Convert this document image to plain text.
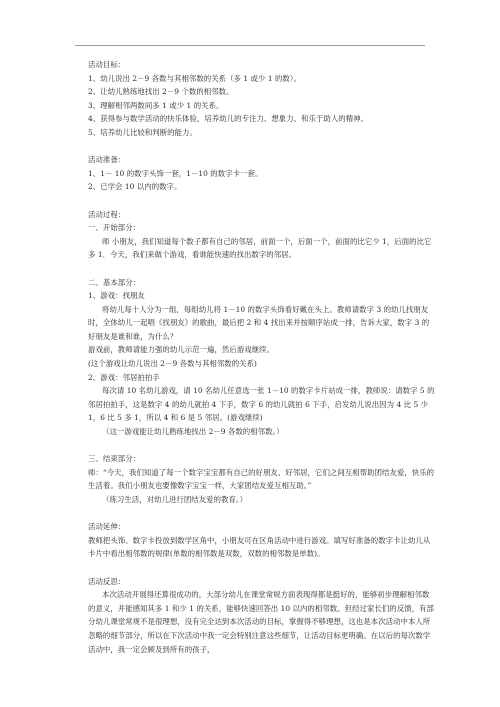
活动目标：

1、幼儿说出 2－9 各数与其相邻数的关系（多 1 或少 1 的数）。

2、让幼儿熟练地找出 2－9 个数的相邻数。

3、理解相邻两数间多 1 或少 1 的关系。

4、获得参与数学活动的快乐体验，培养幼儿的专注力、想象力、和乐于助人的精神。

5、培养幼儿比较和判断的能力。

活动准备：

1、1－ 10 的数字头饰一套，1－10 的数字卡一套。

2、已学会 10 以内的数字。

活动过程：

一、开始部分：

师 小朋友，我们知道每个数子都有自己的邻居，前面一个，后面一个，前面的比它少 1，后面的比它多 1．今天，我们来做个游戏，看谁能快速的找出数字的邻居。

二、基本部分：

1、游戏：找朋友

将幼儿每十人分为一组，每组幼儿将 1－10 的数字头饰看好戴在头上。教师请数字 3 的幼儿找朋友时，全体幼儿一起唱《找朋友》的歌曲，最后把 2 和 4 找出来并按顺序站成一排，告诉大家，数字 3 的好朋友是谁和谁，为什么？

游戏前，教师请能力强的幼儿示范一遍，然后游戏继续。

(这个游戏让幼儿说出 2－9 各数与其相邻数的关系)

2、游戏：邻居拍拍手

每次请 10 名幼儿游戏，请 10 名幼儿任意选一张 1－10 的数字卡片站成一排，教师说：请数字 5 的邻居拍拍手，这是数字 4 的幼儿就拍 4 下手，数字 6 的幼儿就拍 6 下手，启发幼儿说出因为 4 比 5 少 1，6 比 5 多 1，所以 4 和 6 是 5 邻居。(游戏继续)

（这一游戏能让幼儿熟练地找出 2－9 各数的相邻数。）

三、结束部分：

师：“今天，我们知道了每一个数字宝宝都有自己的好朋友、好邻居，它们之间互相帮助团结友爱，快乐的生活着。我们小朋友也要像数字宝宝一样，大家团结友爱互相互助。”

（练习生活，对幼儿进行团结友爱的教育。）

活动延伸：

教师把头饰、数字卡投放到数学区角中，小朋友可在区角活动中进行游戏。填写好准备的数字卡让幼儿从卡片中看出相邻数的规律(单数的相邻数是双数，双数的相邻数是单数)。

活动反思：

本次活动开展得还算很成功的，大部分幼儿在课堂常规方面表现得都是挺好的，能够初步理解相邻数的意义，并能感知其多 1 和少 1 的关系，能够快速回答出 10 以内的相邻数。但经过家长们的反馈，有部分幼儿课堂常规不是很理想，没有完全达到本次活动的目标，掌握得不够理想，这也是本次活动中本人所忽略的细节部分，所以在下次活动中我一定会特别注意这些细节，让活动目标更明确。在以后的每次数学活动中，我一定会顾及到所有的孩子，
